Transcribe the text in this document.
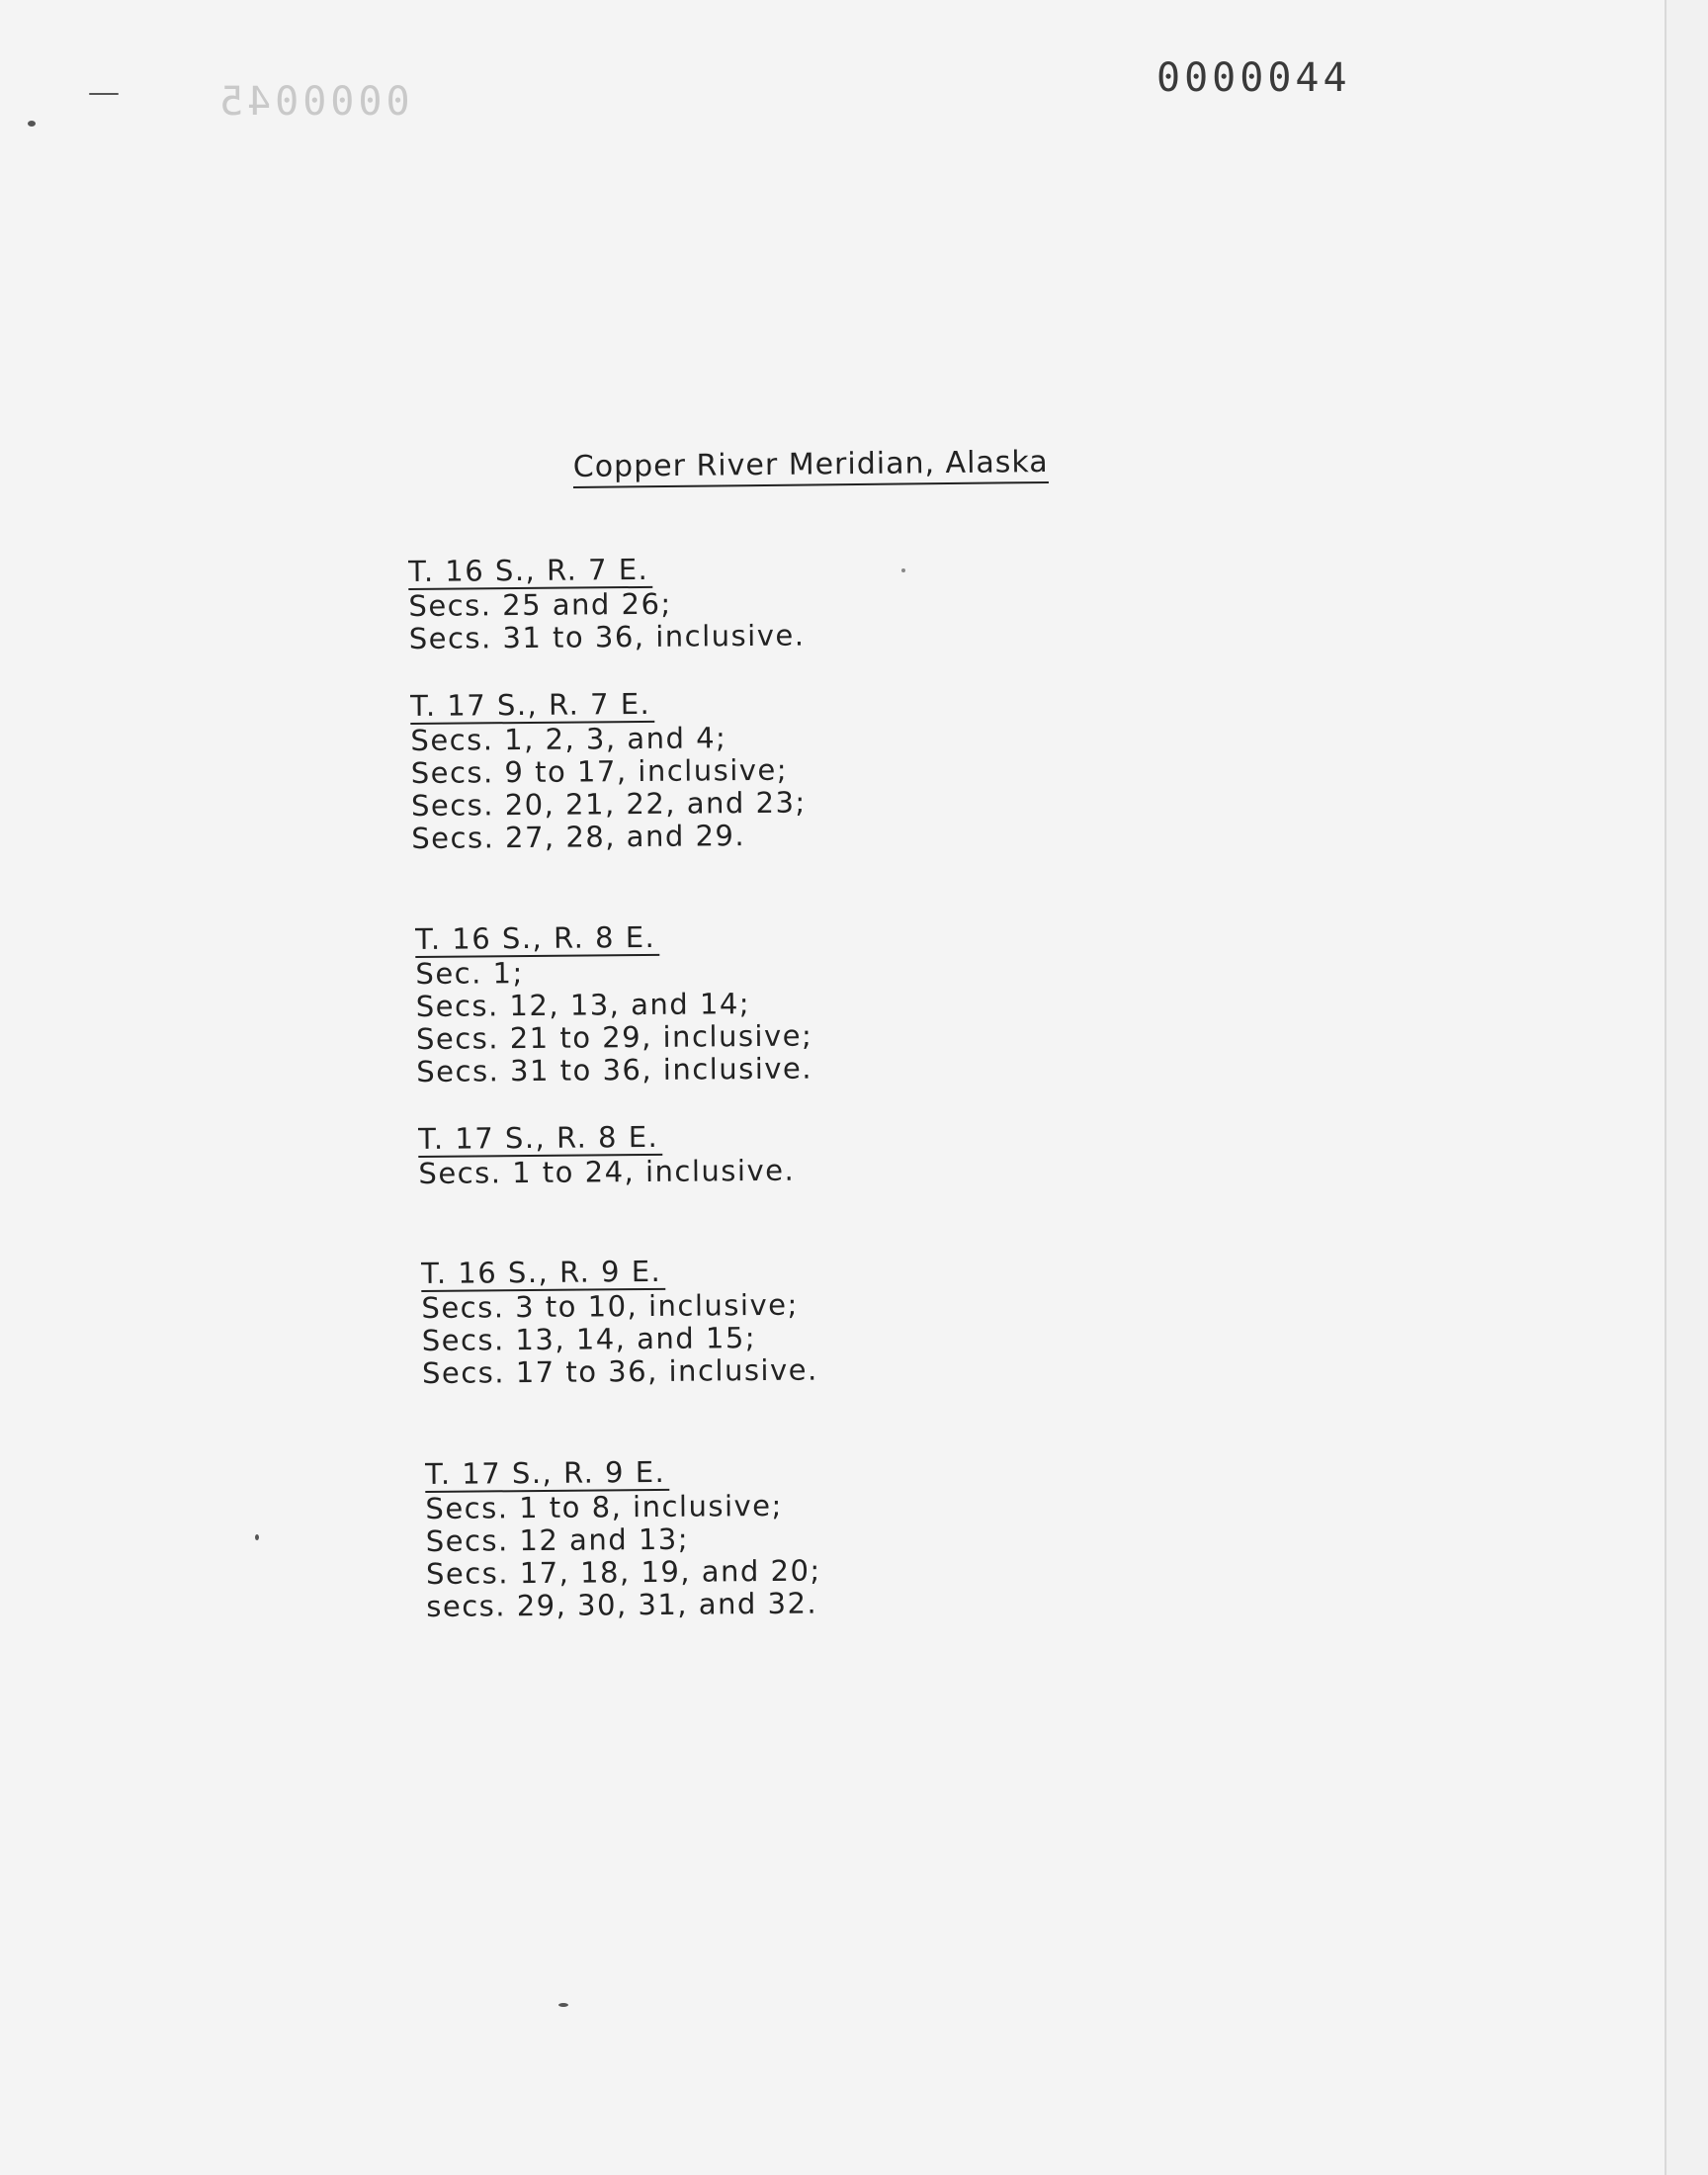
0000045
0000044
Copper River Meridian, Alaska
T. 16 S., R. 7 E.
Secs. 25 and 26;
Secs. 31 to 36, inclusive.
T. 17 S., R. 7 E.
Secs. 1, 2, 3, and 4;
Secs. 9 to 17, inclusive;
Secs. 20, 21, 22, and 23;
Secs. 27, 28, and 29.
T. 16 S., R. 8 E.
Sec. 1;
Secs. 12, 13, and 14;
Secs. 21 to 29, inclusive;
Secs. 31 to 36, inclusive.
T. 17 S., R. 8 E.
Secs. 1 to 24, inclusive.
T. 16 S., R. 9 E.
Secs. 3 to 10, inclusive;
Secs. 13, 14, and 15;
Secs. 17 to 36, inclusive.
T. 17 S., R. 9 E.
Secs. 1 to 8, inclusive;
Secs. 12 and 13;
Secs. 17, 18, 19, and 20;
secs. 29, 30, 31, and 32.
